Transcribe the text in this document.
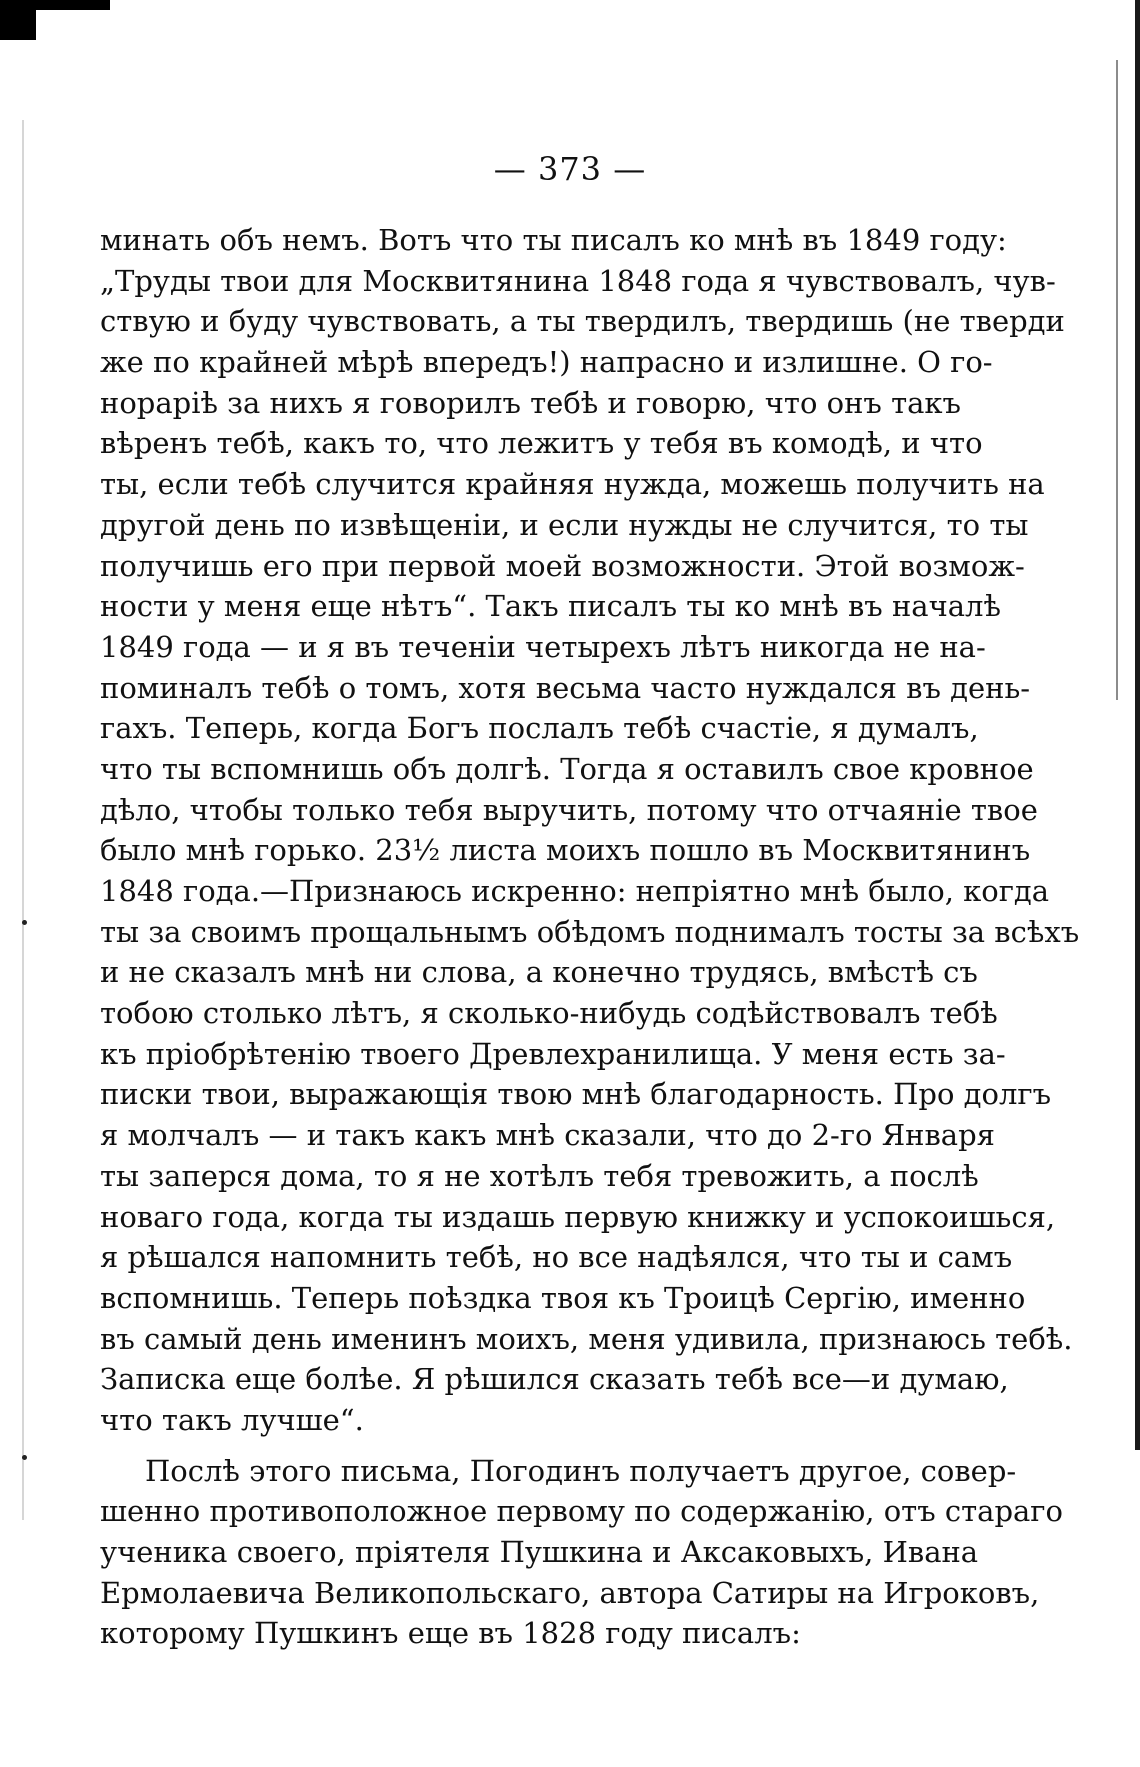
— 373 —
минать объ немъ. Вотъ что ты писалъ ко мнѣ въ 1849 году:
„Труды твои для Москвитянина 1848 года я чувствовалъ, чув-
ствую и буду чувствовать, а ты твердилъ, твердишь (не тверди
же по крайней мѣрѣ впередъ!) напрасно и излишне. О го-
норарiѣ за нихъ я говорилъ тебѣ и говорю, что онъ такъ
вѣренъ тебѣ, какъ то, что лежитъ у тебя въ комодѣ, и что
ты, если тебѣ случится крайняя нужда, можешь получить на
другой день по извѣщенiи, и если нужды не случится, то ты
получишь его при первой моей возможности. Этой возмож-
ности у меня еще нѣтъ“. Такъ писалъ ты ко мнѣ въ началѣ
1849 года — и я въ теченiи четырехъ лѣтъ никогда не на-
поминалъ тебѣ о томъ, хотя весьма часто нуждался въ день-
гахъ. Теперь, когда Богъ послалъ тебѣ счастiе, я думалъ,
что ты вспомнишь объ долгѣ. Тогда я оставилъ свое кровное
дѣло, чтобы только тебя выручить, потому что отчаянiе твое
было мнѣ горько. 23½ листа моихъ пошло въ Москвитянинъ
1848 года.—Признаюсь искренно: непрiятно мнѣ было, когда
ты за своимъ прощальнымъ обѣдомъ поднималъ тосты за всѣхъ
и не сказалъ мнѣ ни слова, а конечно трудясь, вмѣстѣ съ
тобою столько лѣтъ, я сколько-нибудь содѣйствовалъ тебѣ
къ прiобрѣтенiю твоего Древлехранилища. У меня есть за-
писки твои, выражающiя твою мнѣ благодарность. Про долгъ
я молчалъ — и такъ какъ мнѣ сказали, что до 2-го Января
ты заперся дома, то я не хотѣлъ тебя тревожить, а послѣ
новаго года, когда ты издашь первую книжку и успокоишься,
я рѣшался напомнить тебѣ, но все надѣялся, что ты и самъ
вспомнишь. Теперь поѣздка твоя къ Троицѣ Сергiю, именно
въ самый день именинъ моихъ, меня удивила, признаюсь тебѣ.
Записка еще болѣе. Я рѣшился сказать тебѣ все—и думаю,
что такъ лучше“.
Послѣ этого письма, Погодинъ получаетъ другое, совер-
шенно противоположное первому по содержанiю, отъ стараго
ученика своего, прiятеля Пушкина и Аксаковыхъ, Ивана
Ермолаевича Великопольскаго, автора Сатиры на Игроковъ,
которому Пушкинъ еще въ 1828 году писалъ:
